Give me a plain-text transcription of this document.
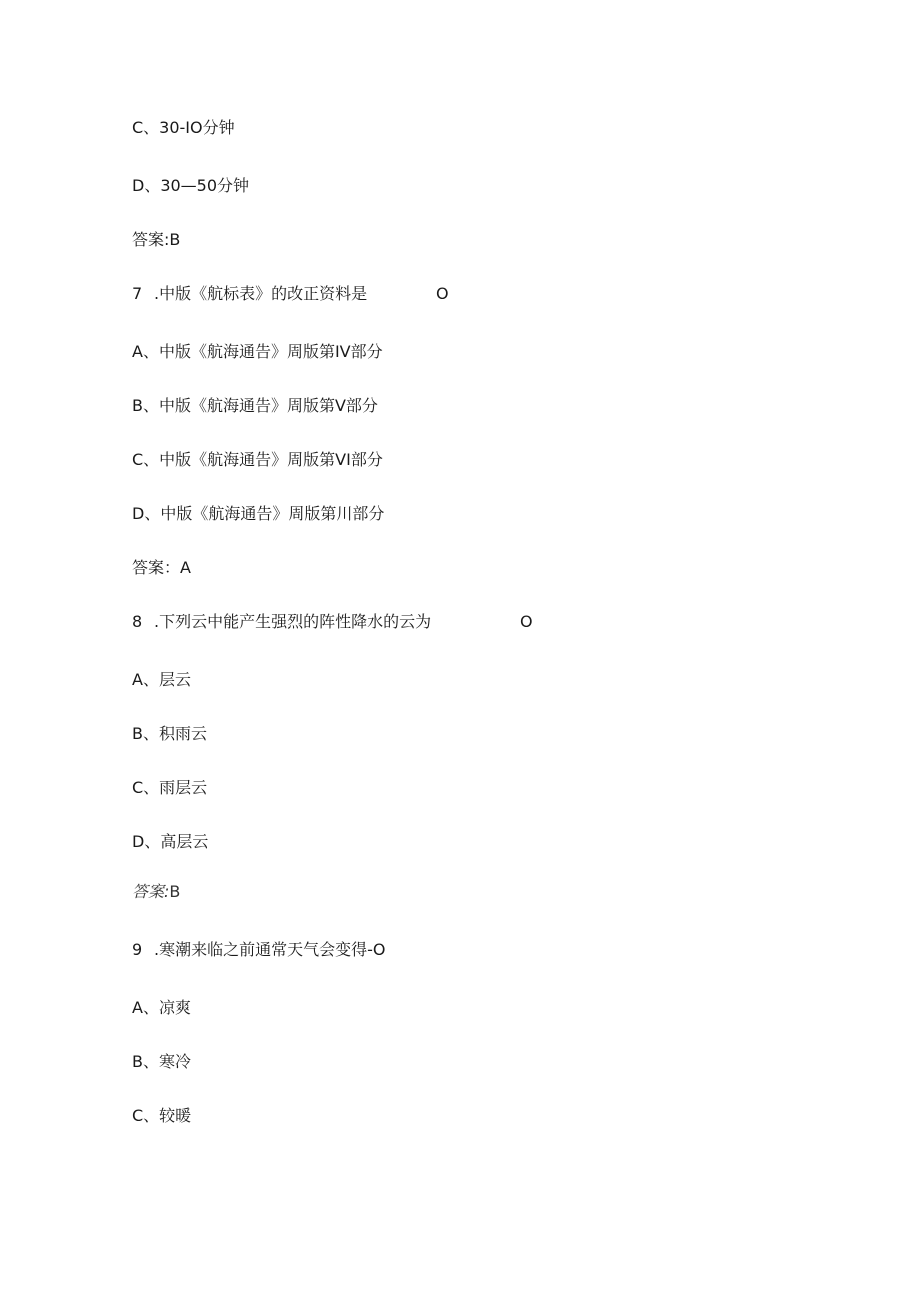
C、30-IO分钟
D、30—50分钟
答案:B
7 .中版《航标表》的改正资料是	O
A、中版《航海通告》周版第IV部分
B、中版《航海通告》周版第V部分
C、中版《航海通告》周版第VI部分
D、中版《航海通告》周版第川部分
答案：A
8 .下列云中能产生强烈的阵性降水的云为	O
A、层云
B、积雨云
C、雨层云
D、高层云
答案:B
9 .寒潮来临之前通常天气会变得-O
A、凉爽
B、寒冷
C、较暖
